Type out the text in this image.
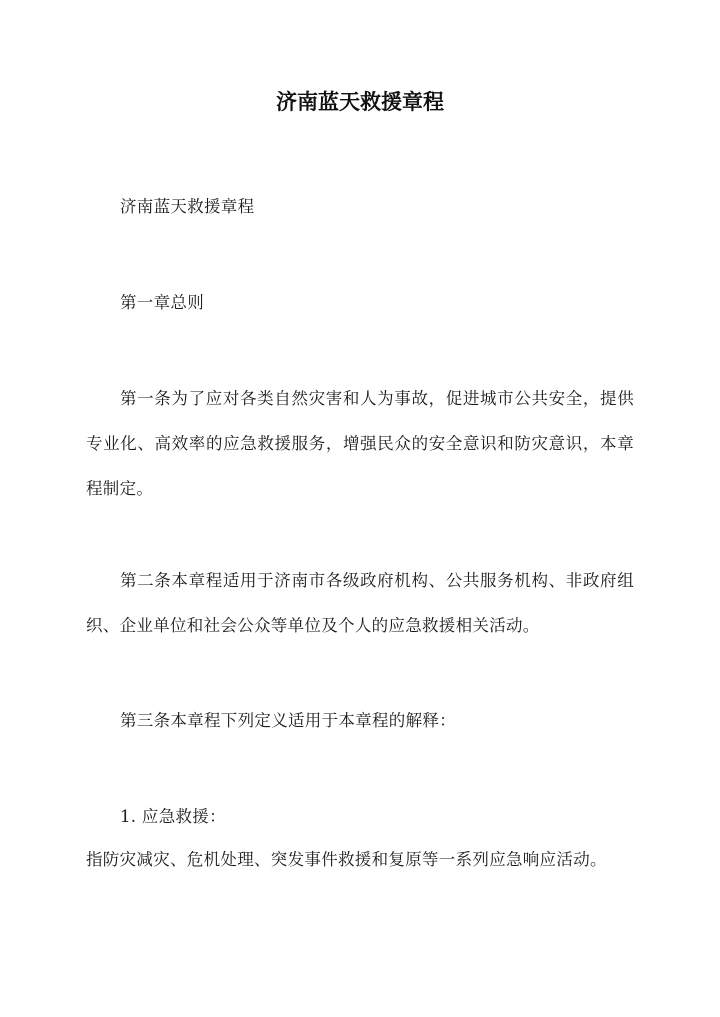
济南蓝天救援章程

济南蓝天救援章程

第一章总则

第一条为了应对各类自然灾害和人为事故，促进城市公共安全，提供专业化、高效率的应急救援服务，增强民众的安全意识和防灾意识，本章程制定。

第二条本章程适用于济南市各级政府机构、公共服务机构、非政府组织、企业单位和社会公众等单位及个人的应急救援相关活动。

第三条本章程下列定义适用于本章程的解释：

1. 应急救援：

指防灾减灾、危机处理、突发事件救援和复原等一系列应急响应活动。
